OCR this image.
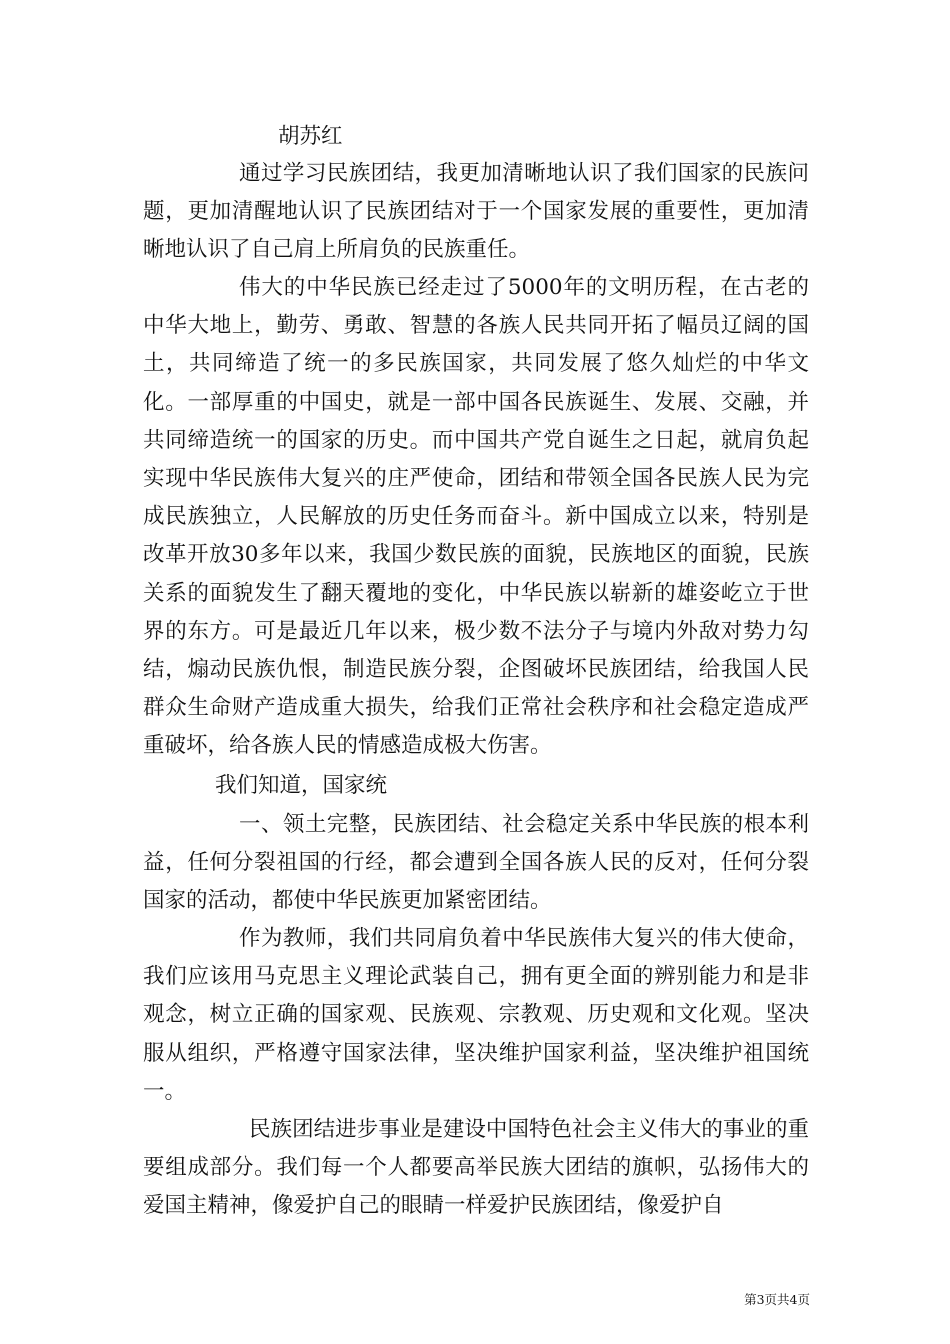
胡苏红

通过学习民族团结，我更加清晰地认识了我们国家的民族问题，更加清醒地认识了民族团结对于一个国家发展的重要性，更加清晰地认识了自己肩上所肩负的民族重任。

伟大的中华民族已经走过了5000年的文明历程，在古老的中华大地上，勤劳、勇敢、智慧的各族人民共同开拓了幅员辽阔的国土，共同缔造了统一的多民族国家，共同发展了悠久灿烂的中华文化。一部厚重的中国史，就是一部中国各民族诞生、发展、交融，并共同缔造统一的国家的历史。而中国共产党自诞生之日起，就肩负起实现中华民族伟大复兴的庄严使命，团结和带领全国各民族人民为完成民族独立，人民解放的历史任务而奋斗。新中国成立以来，特别是改革开放30多年以来，我国少数民族的面貌，民族地区的面貌，民族关系的面貌发生了翻天覆地的变化，中华民族以崭新的雄姿屹立于世界的东方。可是最近几年以来，极少数不法分子与境内外敌对势力勾结，煽动民族仇恨，制造民族分裂，企图破坏民族团结，给我国人民群众生命财产造成重大损失，给我们正常社会秩序和社会稳定造成严重破坏，给各族人民的情感造成极大伤害。

我们知道，国家统

一、领土完整，民族团结、社会稳定关系中华民族的根本利益，任何分裂祖国的行经，都会遭到全国各族人民的反对，任何分裂国家的活动，都使中华民族更加紧密团结。

作为教师，我们共同肩负着中华民族伟大复兴的伟大使命，我们应该用马克思主义理论武装自己，拥有更全面的辨别能力和是非观念，树立正确的国家观、民族观、宗教观、历史观和文化观。坚决服从组织，严格遵守国家法律，坚决维护国家利益，坚决维护祖国统一。

民族团结进步事业是建设中国特色社会主义伟大的事业的重要组成部分。我们每一个人都要高举民族大团结的旗帜，弘扬伟大的爱国主精神，像爱护自己的眼睛一样爱护民族团结，像爱护自

第3页共4页
